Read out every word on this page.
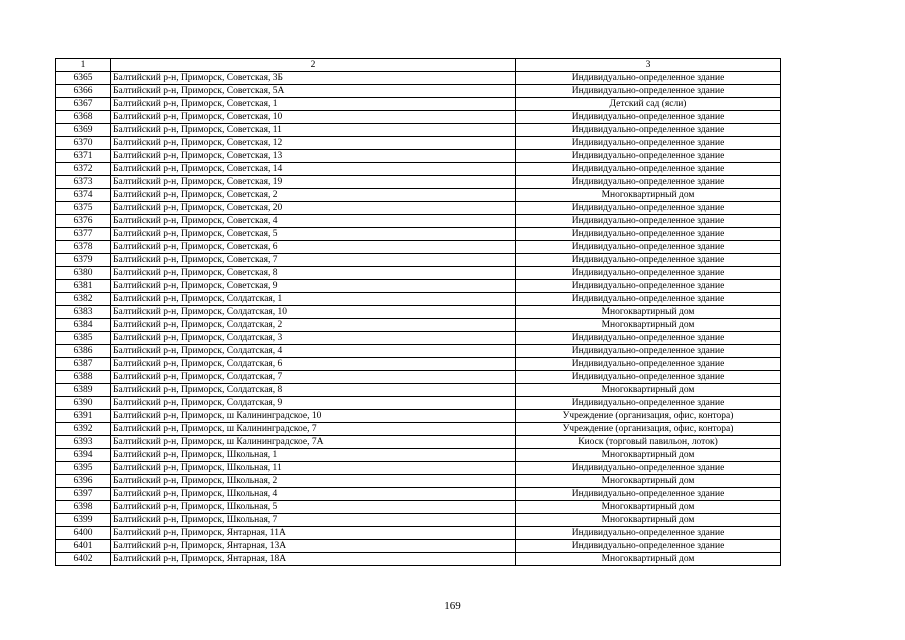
1	2	3
6365	Балтийский р-н, Приморск, Советская, 3Б	Индивидуально-определенное здание
6366	Балтийский р-н, Приморск, Советская, 5А	Индивидуально-определенное здание
6367	Балтийский р-н, Приморск, Советская, 1	Детский сад (ясли)
6368	Балтийский р-н, Приморск, Советская, 10	Индивидуально-определенное здание
6369	Балтийский р-н, Приморск, Советская, 11	Индивидуально-определенное здание
6370	Балтийский р-н, Приморск, Советская, 12	Индивидуально-определенное здание
6371	Балтийский р-н, Приморск, Советская, 13	Индивидуально-определенное здание
6372	Балтийский р-н, Приморск, Советская, 14	Индивидуально-определенное здание
6373	Балтийский р-н, Приморск, Советская, 19	Индивидуально-определенное здание
6374	Балтийский р-н, Приморск, Советская, 2	Многоквартирный дом
6375	Балтийский р-н, Приморск, Советская, 20	Индивидуально-определенное здание
6376	Балтийский р-н, Приморск, Советская, 4	Индивидуально-определенное здание
6377	Балтийский р-н, Приморск, Советская, 5	Индивидуально-определенное здание
6378	Балтийский р-н, Приморск, Советская, 6	Индивидуально-определенное здание
6379	Балтийский р-н, Приморск, Советская, 7	Индивидуально-определенное здание
6380	Балтийский р-н, Приморск, Советская, 8	Индивидуально-определенное здание
6381	Балтийский р-н, Приморск, Советская, 9	Индивидуально-определенное здание
6382	Балтийский р-н, Приморск, Солдатская, 1	Индивидуально-определенное здание
6383	Балтийский р-н, Приморск, Солдатская, 10	Многоквартирный дом
6384	Балтийский р-н, Приморск, Солдатская, 2	Многоквартирный дом
6385	Балтийский р-н, Приморск, Солдатская, 3	Индивидуально-определенное здание
6386	Балтийский р-н, Приморск, Солдатская, 4	Индивидуально-определенное здание
6387	Балтийский р-н, Приморск, Солдатская, 6	Индивидуально-определенное здание
6388	Балтийский р-н, Приморск, Солдатская, 7	Индивидуально-определенное здание
6389	Балтийский р-н, Приморск, Солдатская, 8	Многоквартирный дом
6390	Балтийский р-н, Приморск, Солдатская, 9	Индивидуально-определенное здание
6391	Балтийский р-н, Приморск, ш Калининградское, 10	Учреждение (организация, офис, контора)
6392	Балтийский р-н, Приморск, ш Калининградское, 7	Учреждение (организация, офис, контора)
6393	Балтийский р-н, Приморск, ш Калининградское, 7А	Киоск (торговый павильон, лоток)
6394	Балтийский р-н, Приморск, Школьная, 1	Многоквартирный дом
6395	Балтийский р-н, Приморск, Школьная, 11	Индивидуально-определенное здание
6396	Балтийский р-н, Приморск, Школьная, 2	Многоквартирный дом
6397	Балтийский р-н, Приморск, Школьная, 4	Индивидуально-определенное здание
6398	Балтийский р-н, Приморск, Школьная, 5	Многоквартирный дом
6399	Балтийский р-н, Приморск, Школьная, 7	Многоквартирный дом
6400	Балтийский р-н, Приморск, Янтарная, 11А	Индивидуально-определенное здание
6401	Балтийский р-н, Приморск, Янтарная, 13А	Индивидуально-определенное здание
6402	Балтийский р-н, Приморск, Янтарная, 18А	Многоквартирный дом
169
